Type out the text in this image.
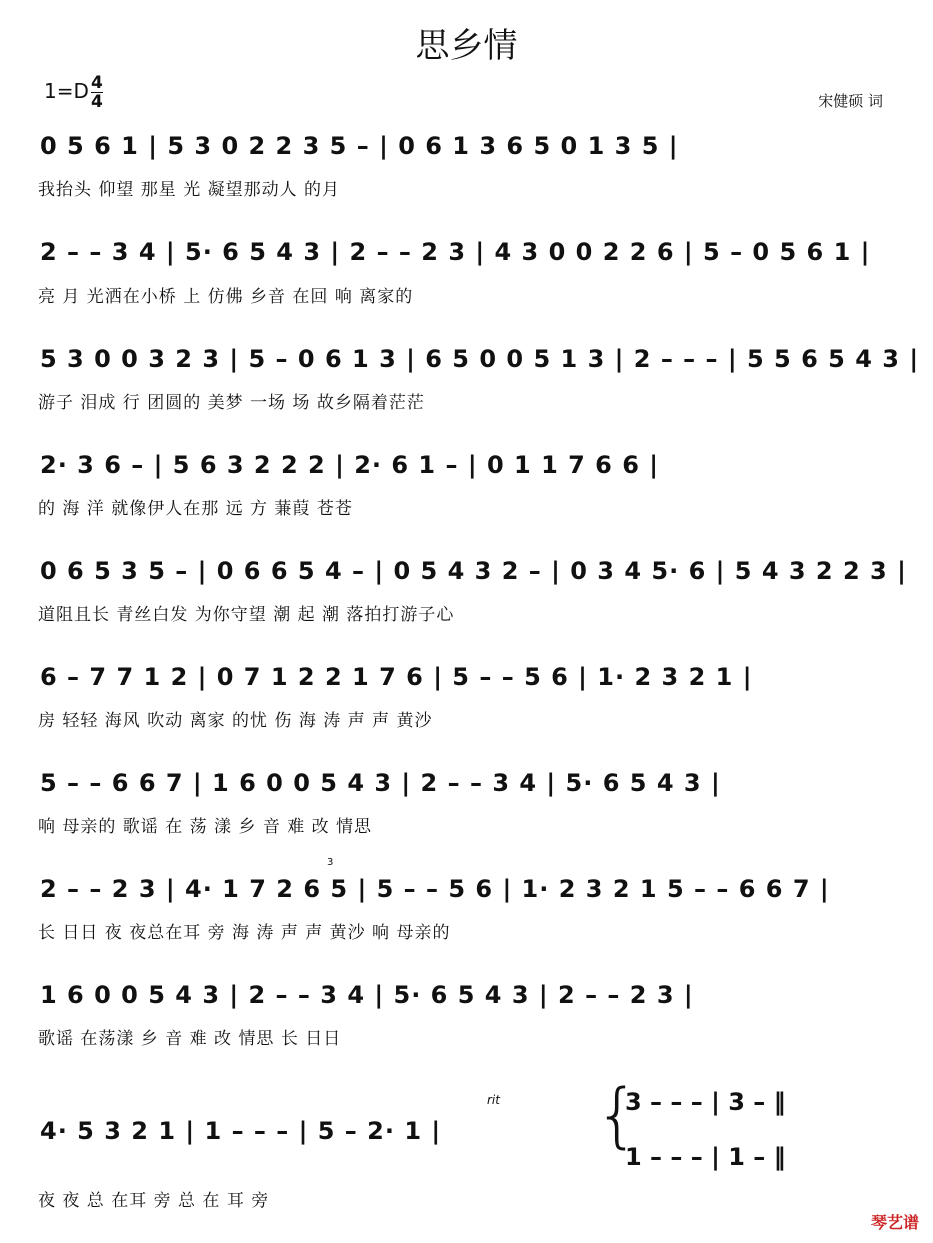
思乡情
$1=D \frac{4}{4}$	宋健硕 词
0 5 6 1 | 5 3 0 2 2 3 5 – | 0 6 1 3 6 5 0 1 3 5 |
我抬头 仰望 那星 光 凝望那动人 的月
2 – – 3 4 | 5· 6 5 4 3 | 2 – – 2 3 | 4 3 0 0 2 2 6 | 5 – 0 5 6 1 |
亮 月 光洒在小桥 上 仿佛 乡音 在回 响 离家的
5 3 0 0 3 2 3 | 5 – 0 6 1 3 | 6 5 0 0 5 1 3 | 2 – – – | 5 5 6 5 4 3 |
游子 泪成 行 团圆的 美梦 一场 场 故乡隔着茫茫
2· 3 6 – | 5 6 3 2 2 2 | 2· 6 1 – | 0 1 1 7 6 6 |
的 海 洋 就像伊人在那 远 方 蒹葭 苍苍
0 6 5 3 5 – | 0 6 6 5 4 – | 0 5 4 3 2 – | 0 3 4 5· 6 | 5 4 3 2 2 3 |
道阻且长 青丝白发 为你守望 潮 起 潮 落拍打游子心
6 – 7 7 1 2 | 0 7 1 2 2 1 7 6 | 5 – – 5 6 | 1· 2 3 2 1 |
房 轻轻 海风 吹动 离家 的忧 伤 海 涛 声 声 黄沙
5 – – 6 6 7 | 1 6 0 0 5 4 3 | 2 – – 3 4 | 5· 6 5 4 3 |
响 母亲的 歌谣 在 荡 漾 乡 音 难 改 情思
2 – – 2 3 | 4· 1 7 2 6 5 | 5 – – 5 6 | 1· 2 3 2 1 5 – – 6 6 7 |
长 日日 夜 夜总在耳 旁 海 涛 声 声 黄沙 响 母亲的
1 6 0 0 5 4 3 | 2 – – 3 4 | 5· 6 5 4 3 | 2 – – 2 3 |
歌谣 在荡漾 乡 音 难 改 情思 长 日日
4· 5 3 2 1 | 1 – – – | 5 – 2· 1 |
夜 夜 总 在耳 旁 总 在 耳 旁
{
3 – – – | 3 – ‖
1 – – – | 1 – ‖
rit
3
琴艺谱
